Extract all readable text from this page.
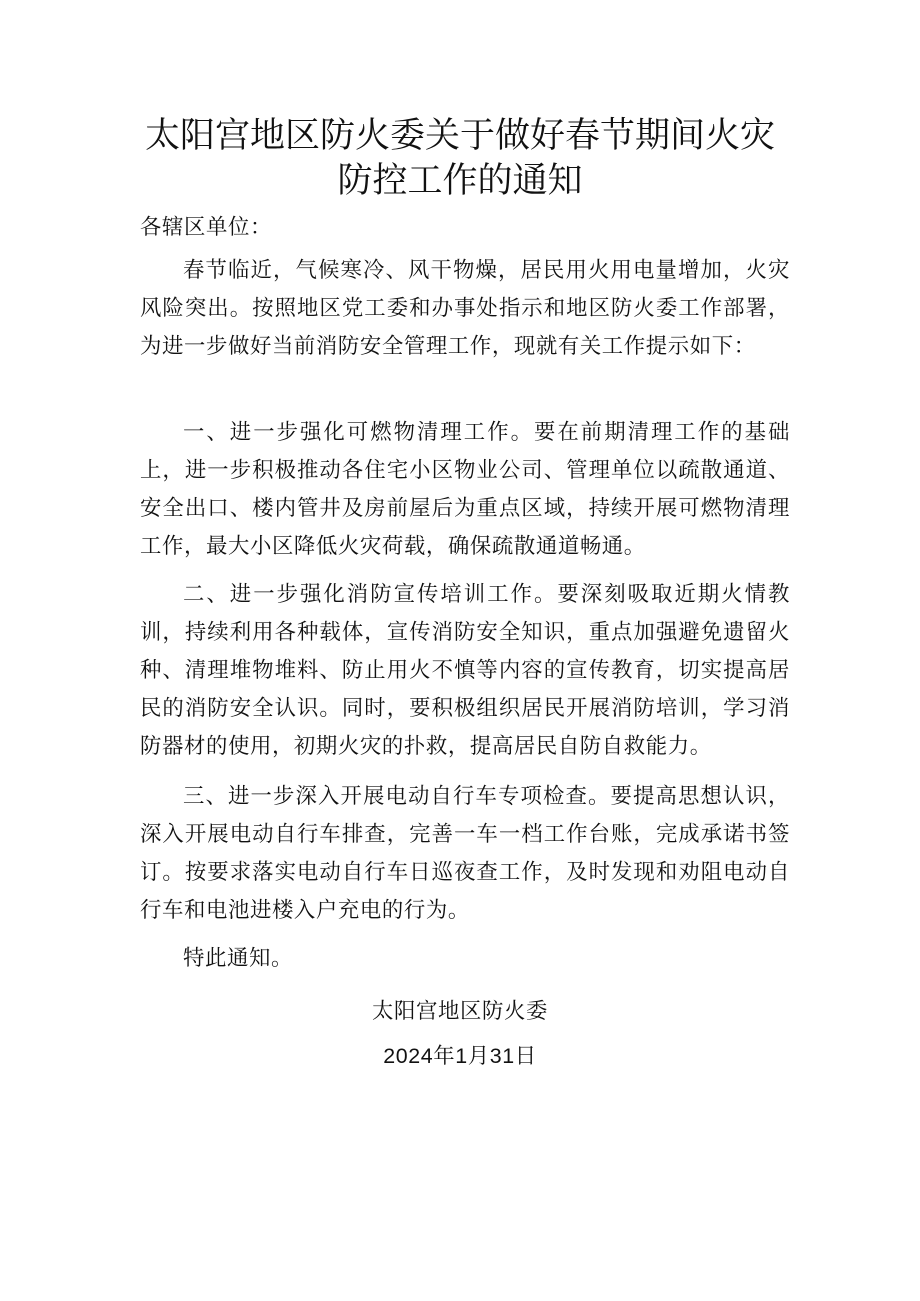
太阳宫地区防火委关于做好春节期间火灾
防控工作的通知

各辖区单位：

春节临近，气候寒冷、风干物燥，居民用火用电量增加，火灾风险突出。按照地区党工委和办事处指示和地区防火委工作部署，为进一步做好当前消防安全管理工作，现就有关工作提示如下：

一、进一步强化可燃物清理工作。要在前期清理工作的基础上，进一步积极推动各住宅小区物业公司、管理单位以疏散通道、安全出口、楼内管井及房前屋后为重点区域，持续开展可燃物清理工作，最大小区降低火灾荷载，确保疏散通道畅通。

二、进一步强化消防宣传培训工作。要深刻吸取近期火情教训，持续利用各种载体，宣传消防安全知识，重点加强避免遗留火种、清理堆物堆料、防止用火不慎等内容的宣传教育，切实提高居民的消防安全认识。同时，要积极组织居民开展消防培训，学习消防器材的使用，初期火灾的扑救，提高居民自防自救能力。

三、进一步深入开展电动自行车专项检查。要提高思想认识，深入开展电动自行车排查，完善一车一档工作台账，完成承诺书签订。按要求落实电动自行车日巡夜查工作，及时发现和劝阻电动自行车和电池进楼入户充电的行为。

特此通知。

太阳宫地区防火委

2024年1月31日
